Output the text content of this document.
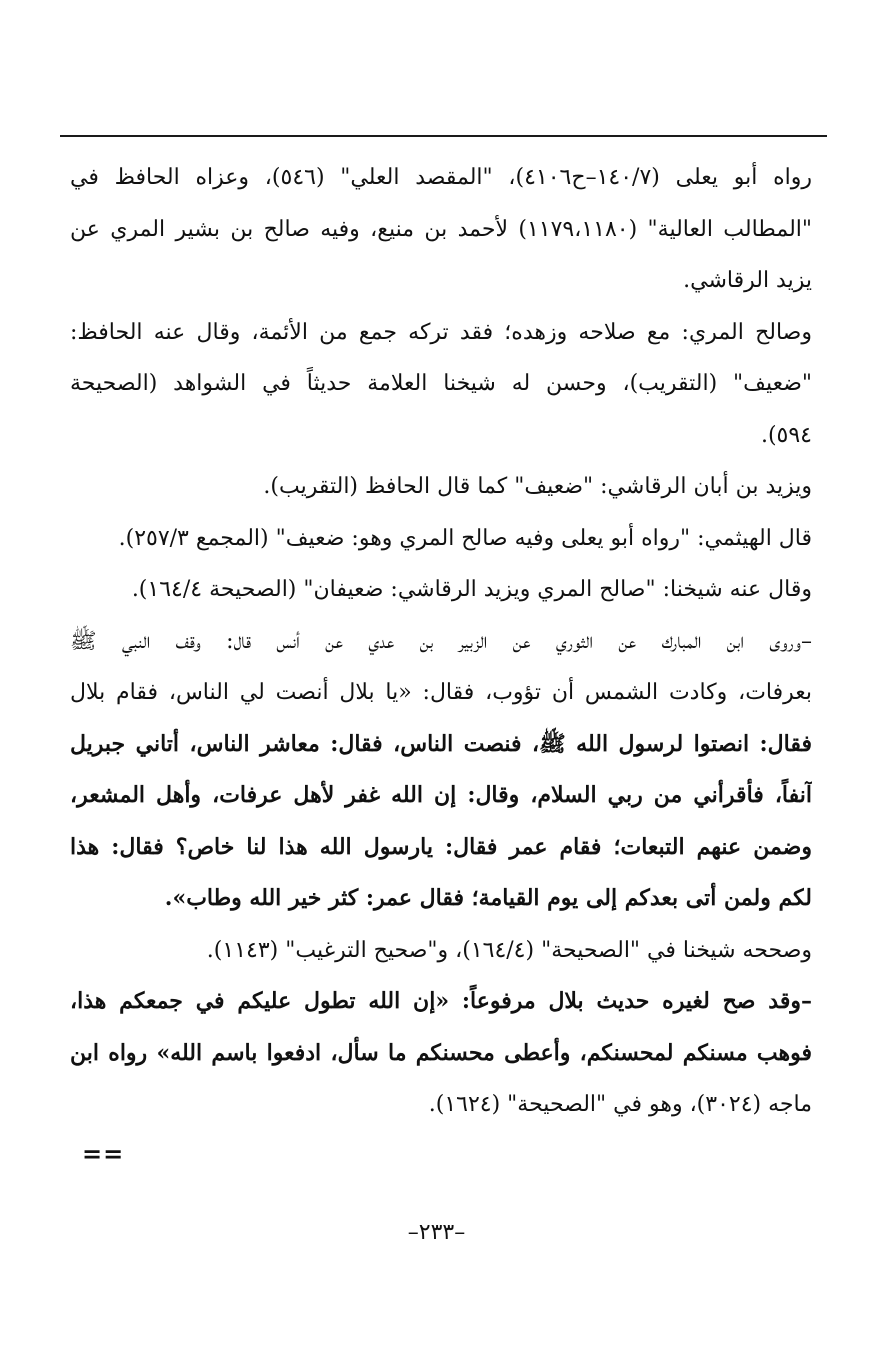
رواه أبو يعلى (١٤٠/٧–ح٤١٠٦)، "المقصد العلي" (٥٤٦)، وعزاه الحافظ في
"المطالب العالية" (١١٧٩،١١٨٠) لأحمد بن منيع، وفيه صالح بن بشير المري عن
يزيد الرقاشي.
وصالح المري: مع صلاحه وزهده؛ فقد تركه جمع من الأئمة، وقال عنه الحافظ:
"ضعيف" (التقريب)، وحسن له شيخنا العلامة حديثاً في الشواهد (الصحيحة
٥٩٤).
ويزيد بن أبان الرقاشي: "ضعيف" كما قال الحافظ (التقريب).
قال الهيثمي: "رواه أبو يعلى وفيه صالح المري وهو: ضعيف" (المجمع ٢٥٧/٣).
وقال عنه شيخنا: "صالح المري ويزيد الرقاشي: ضعيفان" (الصحيحة ١٦٤/٤).
–وروى ابن المبارك عن الثوري عن الزبير بن عدي عن أنس قال: وقف النبي ﷺ
بعرفات، وكادت الشمس أن تؤوب، فقال: «يا بلال أنصت لي الناس، فقام بلال
فقال: انصتوا لرسول الله ﷺ، فنصت الناس، فقال: معاشر الناس، أتاني جبريل
آنفاً، فأقرأني من ربي السلام، وقال: إن الله غفر لأهل عرفات، وأهل المشعر،
وضمن عنهم التبعات؛ فقام عمر فقال: يارسول الله هذا لنا خاص؟ فقال: هذا
لكم ولمن أتى بعدكم إلى يوم القيامة؛ فقال عمر: كثر خير الله وطاب».
وصححه شيخنا في "الصحيحة" (١٦٤/٤)، و"صحيح الترغيب" (١١٤٣).
–وقد صح لغيره حديث بلال مرفوعاً: «إن الله تطول عليكم في جمعكم هذا،
فوهب مسنكم لمحسنكم، وأعطى محسنكم ما سأل، ادفعوا باسم الله» رواه ابن
ماجه (٣٠٢٤)، وهو في "الصحيحة" (١٦٢٤).
==
–٢٣٣–
